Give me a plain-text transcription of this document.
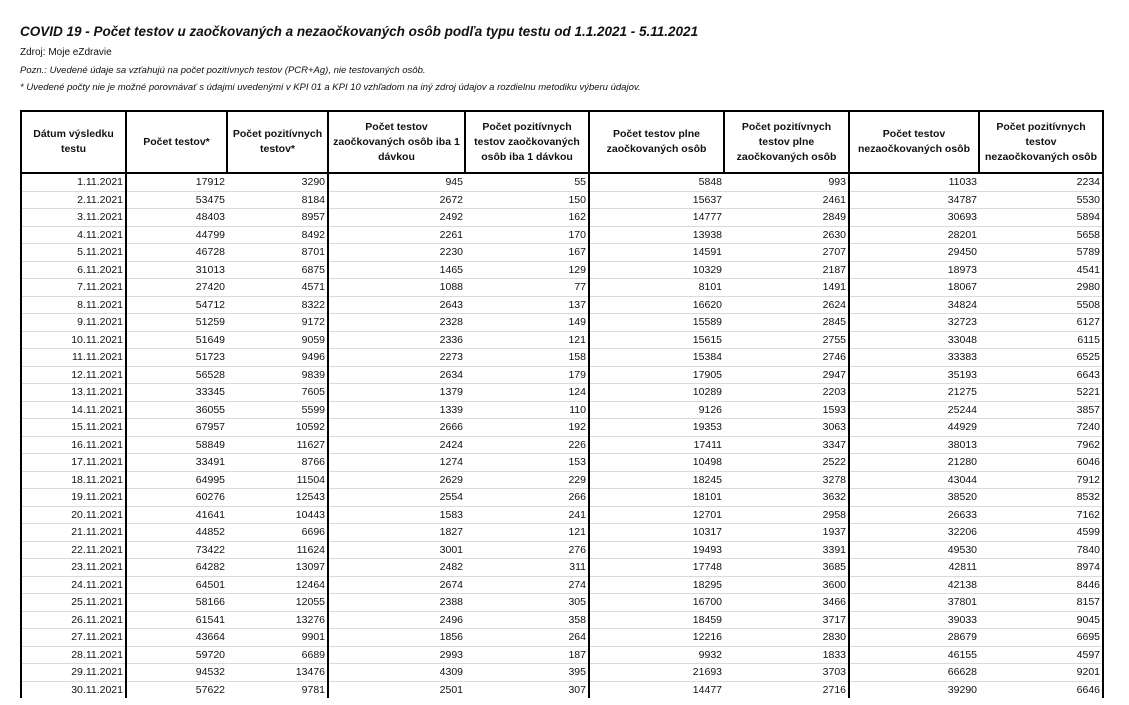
COVID 19 - Počet testov u zaočkovaných a nezaočkovaných osôb podľa typu testu od 1.1.2021 - 5.11.2021
Zdroj: Moje eZdravie
Pozn.: Uvedené údaje sa vzťahujú na počet pozitívnych testov (PCR+Ag), nie testovaných osôb.
* Uvedené počty nie je možné porovnávať s údajmi uvedenými v KPI 01 a KPI 10 vzhľadom na iný zdroj údajov a rozdielnu metodiku výberu údajov.
Dátum výsledku testu	Počet testov*	Počet pozitívnych testov*	Počet testov zaočkovaných osôb iba 1 dávkou	Počet pozitívnych testov zaočkovaných osôb iba 1 dávkou	Počet testov plne zaočkovaných osôb	Počet pozitívnych testov plne zaočkovaných osôb	Počet testov nezaočkovaných osôb	Počet pozitívnych testov nezaočkovaných osôb
1.11.2021	17912	3290	945	55	5848	993	11033	2234
2.11.2021	53475	8184	2672	150	15637	2461	34787	5530
3.11.2021	48403	8957	2492	162	14777	2849	30693	5894
4.11.2021	44799	8492	2261	170	13938	2630	28201	5658
5.11.2021	46728	8701	2230	167	14591	2707	29450	5789
6.11.2021	31013	6875	1465	129	10329	2187	18973	4541
7.11.2021	27420	4571	1088	77	8101	1491	18067	2980
8.11.2021	54712	8322	2643	137	16620	2624	34824	5508
9.11.2021	51259	9172	2328	149	15589	2845	32723	6127
10.11.2021	51649	9059	2336	121	15615	2755	33048	6115
11.11.2021	51723	9496	2273	158	15384	2746	33383	6525
12.11.2021	56528	9839	2634	179	17905	2947	35193	6643
13.11.2021	33345	7605	1379	124	10289	2203	21275	5221
14.11.2021	36055	5599	1339	110	9126	1593	25244	3857
15.11.2021	67957	10592	2666	192	19353	3063	44929	7240
16.11.2021	58849	11627	2424	226	17411	3347	38013	7962
17.11.2021	33491	8766	1274	153	10498	2522	21280	6046
18.11.2021	64995	11504	2629	229	18245	3278	43044	7912
19.11.2021	60276	12543	2554	266	18101	3632	38520	8532
20.11.2021	41641	10443	1583	241	12701	2958	26633	7162
21.11.2021	44852	6696	1827	121	10317	1937	32206	4599
22.11.2021	73422	11624	3001	276	19493	3391	49530	7840
23.11.2021	64282	13097	2482	311	17748	3685	42811	8974
24.11.2021	64501	12464	2674	274	18295	3600	42138	8446
25.11.2021	58166	12055	2388	305	16700	3466	37801	8157
26.11.2021	61541	13276	2496	358	18459	3717	39033	9045
27.11.2021	43664	9901	1856	264	12216	2830	28679	6695
28.11.2021	59720	6689	2993	187	9932	1833	46155	4597
29.11.2021	94532	13476	4309	395	21693	3703	66628	9201
30.11.2021	57622	9781	2501	307	14477	2716	39290	6646
